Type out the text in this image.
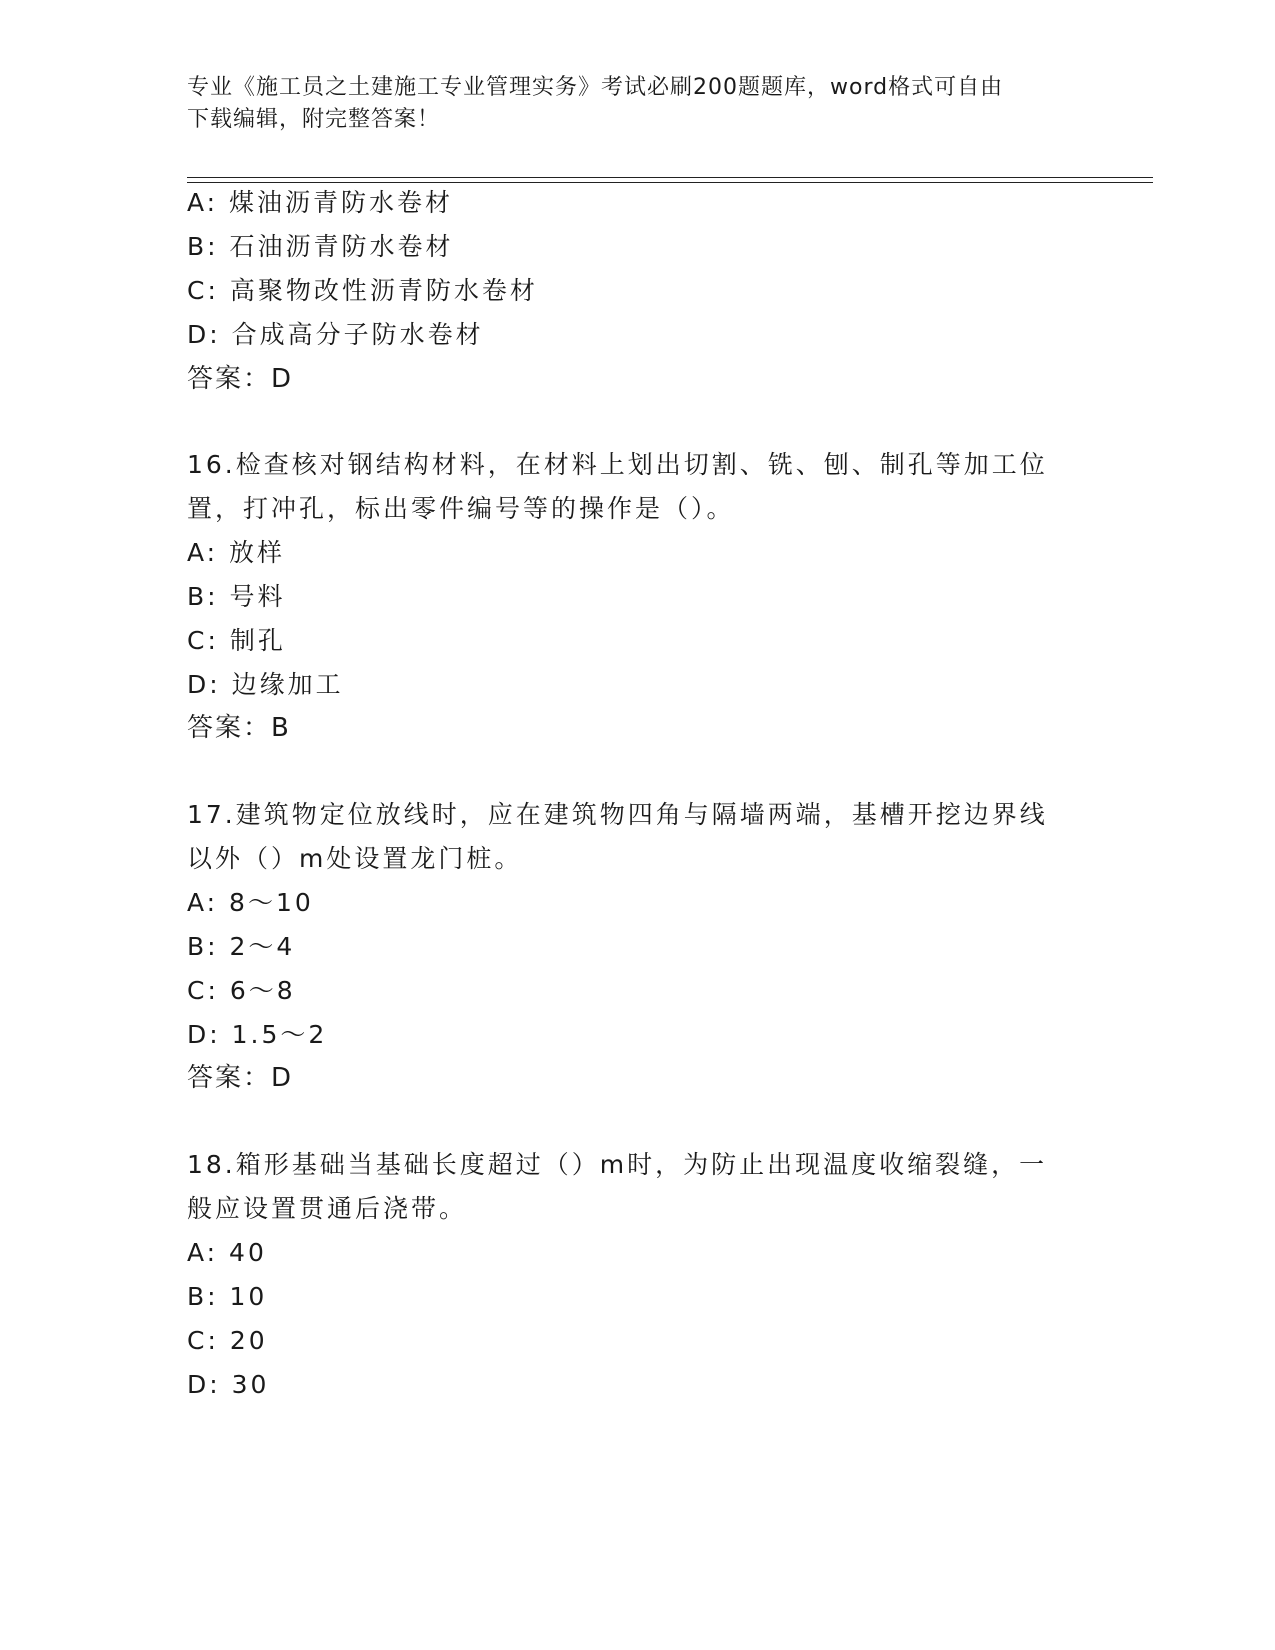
专业《施工员之土建施工专业管理实务》考试必刷200题题库，word格式可自由
下载编辑，附完整答案！
A: 煤油沥青防水卷材
B: 石油沥青防水卷材
C: 高聚物改性沥青防水卷材
D: 合成高分子防水卷材
答案：D
16.检查核对钢结构材料，在材料上划出切割、铣、刨、制孔等加工位
置，打冲孔，标出零件编号等的操作是（）。
A: 放样
B: 号料
C: 制孔
D: 边缘加工
答案：B
17.建筑物定位放线时，应在建筑物四角与隔墙两端，基槽开挖边界线
以外（）m处设置龙门桩。
A: 8～10
B: 2～4
C: 6～8
D: 1.5～2
答案：D
18.箱形基础当基础长度超过（）m时，为防止出现温度收缩裂缝，一
般应设置贯通后浇带。
A: 40
B: 10
C: 20
D: 30
